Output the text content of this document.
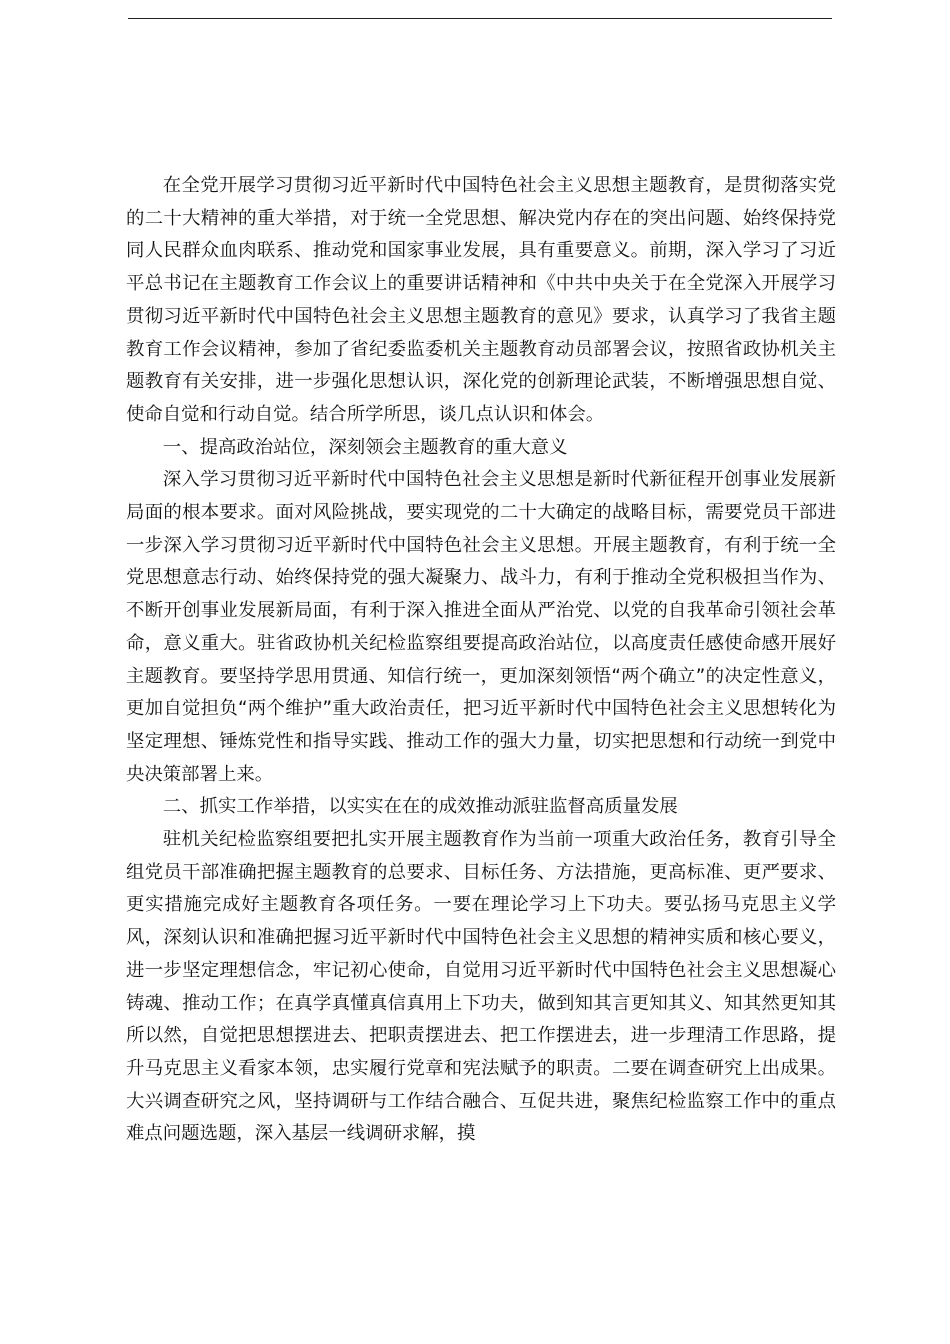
在全党开展学习贯彻习近平新时代中国特色社会主义思想主题教育，是贯彻落实党的二十大精神的重大举措，对于统一全党思想、解决党内存在的突出问题、始终保持党同人民群众血肉联系、推动党和国家事业发展，具有重要意义。前期，深入学习了习近平总书记在主题教育工作会议上的重要讲话精神和《中共中央关于在全党深入开展学习贯彻习近平新时代中国特色社会主义思想主题教育的意见》要求，认真学习了我省主题教育工作会议精神，参加了省纪委监委机关主题教育动员部署会议，按照省政协机关主题教育有关安排，进一步强化思想认识，深化党的创新理论武装，不断增强思想自觉、使命自觉和行动自觉。结合所学所思，谈几点认识和体会。

一、提高政治站位，深刻领会主题教育的重大意义

深入学习贯彻习近平新时代中国特色社会主义思想是新时代新征程开创事业发展新局面的根本要求。面对风险挑战，要实现党的二十大确定的战略目标，需要党员干部进一步深入学习贯彻习近平新时代中国特色社会主义思想。开展主题教育，有利于统一全党思想意志行动、始终保持党的强大凝聚力、战斗力，有利于推动全党积极担当作为、不断开创事业发展新局面，有利于深入推进全面从严治党、以党的自我革命引领社会革命，意义重大。驻省政协机关纪检监察组要提高政治站位，以高度责任感使命感开展好主题教育。要坚持学思用贯通、知信行统一，更加深刻领悟“两个确立”的决定性意义，更加自觉担负“两个维护”重大政治责任，把习近平新时代中国特色社会主义思想转化为坚定理想、锤炼党性和指导实践、推动工作的强大力量，切实把思想和行动统一到党中央决策部署上来。

二、抓实工作举措，以实实在在的成效推动派驻监督高质量发展

驻机关纪检监察组要把扎实开展主题教育作为当前一项重大政治任务，教育引导全组党员干部准确把握主题教育的总要求、目标任务、方法措施，更高标准、更严要求、更实措施完成好主题教育各项任务。一要在理论学习上下功夫。要弘扬马克思主义学风，深刻认识和准确把握习近平新时代中国特色社会主义思想的精神实质和核心要义，进一步坚定理想信念，牢记初心使命，自觉用习近平新时代中国特色社会主义思想凝心铸魂、推动工作；在真学真懂真信真用上下功夫，做到知其言更知其义、知其然更知其所以然，自觉把思想摆进去、把职责摆进去、把工作摆进去，进一步理清工作思路，提升马克思主义看家本领，忠实履行党章和宪法赋予的职责。二要在调查研究上出成果。大兴调查研究之风，坚持调研与工作结合融合、互促共进，聚焦纪检监察工作中的重点难点问题选题，深入基层一线调研求解，摸
